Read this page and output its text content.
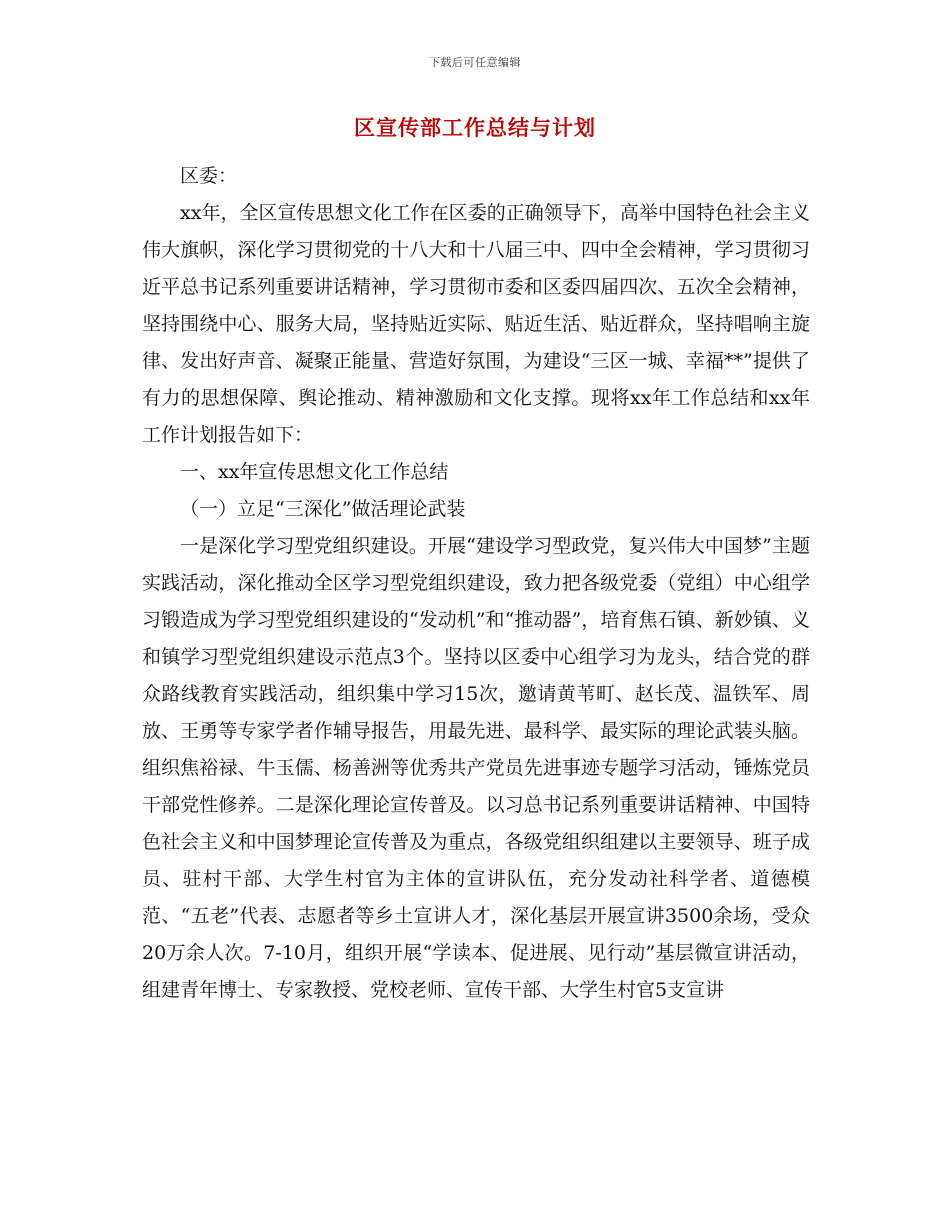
下载后可任意编辑
区宣传部工作总结与计划

区委：

xx年，全区宣传思想文化工作在区委的正确领导下，高举中国特色社会主义伟大旗帜，深化学习贯彻党的十八大和十八届三中、四中全会精神，学习贯彻习近平总书记系列重要讲话精神，学习贯彻市委和区委四届四次、五次全会精神，坚持围绕中心、服务大局，坚持贴近实际、贴近生活、贴近群众，坚持唱响主旋律、发出好声音、凝聚正能量、营造好氛围，为建设“三区一城、幸福**”提供了有力的思想保障、舆论推动、精神激励和文化支撑。现将xx年工作总结和xx年工作计划报告如下：

一、xx年宣传思想文化工作总结

（一）立足“三深化”做活理论武装

一是深化学习型党组织建设。开展“建设学习型政党，复兴伟大中国梦”主题实践活动，深化推动全区学习型党组织建设，致力把各级党委（党组）中心组学习锻造成为学习型党组织建设的“发动机”和“推动器”，培育焦石镇、新妙镇、义和镇学习型党组织建设示范点3个。坚持以区委中心组学习为龙头，结合党的群众路线教育实践活动，组织集中学习15次，邀请黄苇町、赵长茂、温铁军、周放、王勇等专家学者作辅导报告，用最先进、最科学、最实际的理论武装头脑。组织焦裕禄、牛玉儒、杨善洲等优秀共产党员先进事迹专题学习活动，锤炼党员干部党性修养。二是深化理论宣传普及。以习总书记系列重要讲话精神、中国特色社会主义和中国梦理论宣传普及为重点，各级党组织组建以主要领导、班子成员、驻村干部、大学生村官为主体的宣讲队伍，充分发动社科学者、道德模范、“五老”代表、志愿者等乡土宣讲人才，深化基层开展宣讲3500余场，受众20万余人次。7-10月，组织开展“学读本、促进展、见行动”基层微宣讲活动，组建青年博士、专家教授、党校老师、宣传干部、大学生村官5支宣讲
